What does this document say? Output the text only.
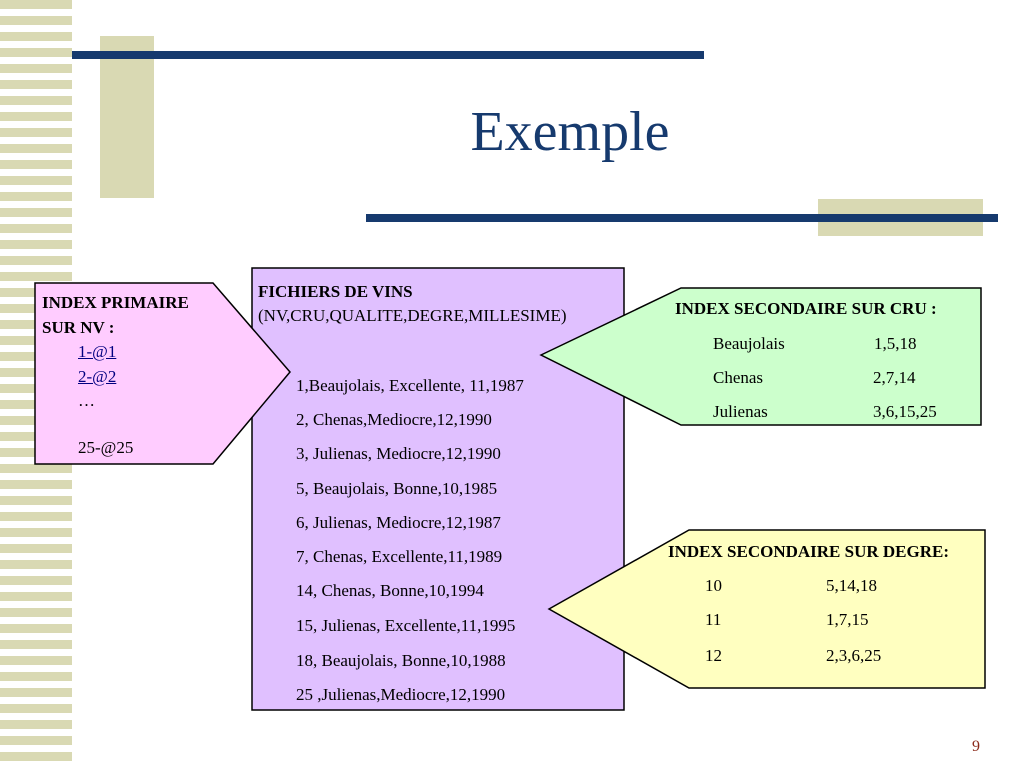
Exemple
INDEX PRIMAIRE
SUR NV :
1-@1
2-@2
…
25-@25
FICHIERS DE VINS
(NV,CRU,QUALITE,DEGRE,MILLESIME)
1,Beaujolais, Excellente, 11,1987
2, Chenas,Mediocre,12,1990
3, Julienas, Mediocre,12,1990
5, Beaujolais, Bonne,10,1985
6, Julienas, Mediocre,12,1987
7, Chenas, Excellente,11,1989
14, Chenas, Bonne,10,1994
15, Julienas, Excellente,11,1995
18, Beaujolais, Bonne,10,1988
25 ,Julienas,Mediocre,12,1990
INDEX SECONDAIRE SUR CRU :
Beaujolais	1,5,18
Chenas	2,7,14
Julienas	3,6,15,25
INDEX SECONDAIRE SUR DEGRE:
10	5,14,18
11	1,7,15
12	2,3,6,25
9
